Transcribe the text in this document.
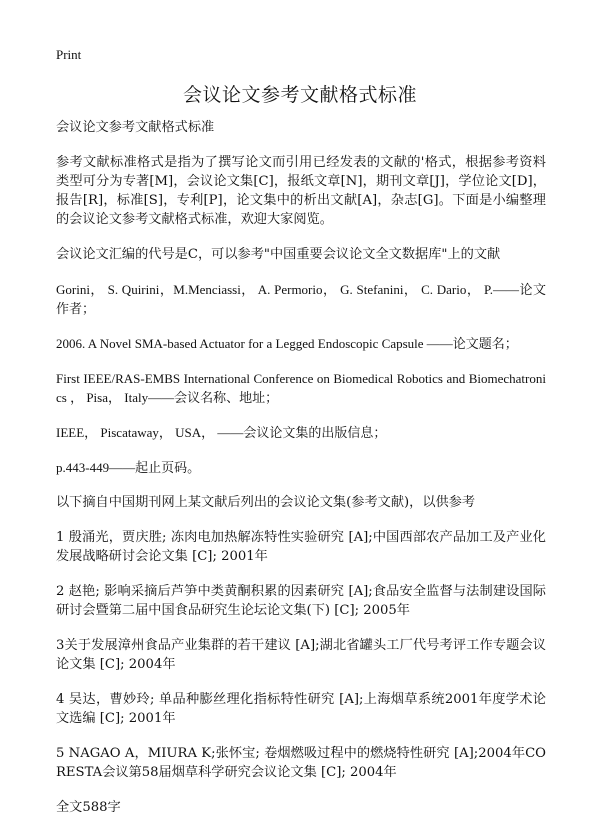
Print
会议论文参考文献格式标准

会议论文参考文献格式标准

参考文献标准格式是指为了撰写论文而引用已经发表的文献的'格式，根据参考资料类型可分为专著[M]，会议论文集[C]，报纸文章[N]，期刊文章[J]，学位论文[D]，报告[R]，标准[S]，专利[P]，论文集中的析出文献[A]，杂志[G]。下面是小编整理的会议论文参考文献格式标准，欢迎大家阅览。

会议论文汇编的代号是C，可以参考"中国重要会议论文全文数据库"上的文献

Gorini， S. Quirini，M.Menciassi， A. Permorio， G. Stefanini， C. Dario， P.——论文作者；

2006. A Novel SMA-based Actuator for a Legged Endoscopic Capsule ——论文题名；

First IEEE/RAS-EMBS International Conference on Biomedical Robotics and Biomechatronics ， Pisa， Italy——会议名称、地址；

IEEE， Piscataway， USA， ——会议论文集的出版信息；

p.443-449——起止页码。

以下摘自中国期刊网上某文献后列出的会议论文集(参考文献)，以供参考

1 殷涌光，贾庆胜; 冻肉电加热解冻特性实验研究 [A];中国西部农产品加工及产业化发展战略研讨会论文集 [C]; 2001年

2 赵艳; 影响采摘后芦笋中类黄酮积累的因素研究 [A];食品安全监督与法制建设国际研讨会暨第二届中国食品研究生论坛论文集(下) [C]; 2005年

3关于发展漳州食品产业集群的若干建议 [A];湖北省罐头工厂代号考评工作专题会议论文集 [C]; 2004年

4 吴达，曹妙玲; 单品种膨丝理化指标特性研究 [A];上海烟草系统2001年度学术论文选编 [C]; 2001年

5 NAGAO A，MIURA K;张怀宝; 卷烟燃吸过程中的燃烧特性研究 [A];2004年CORESTA会议第58届烟草科学研究会议论文集 [C]; 2004年

全文588字
